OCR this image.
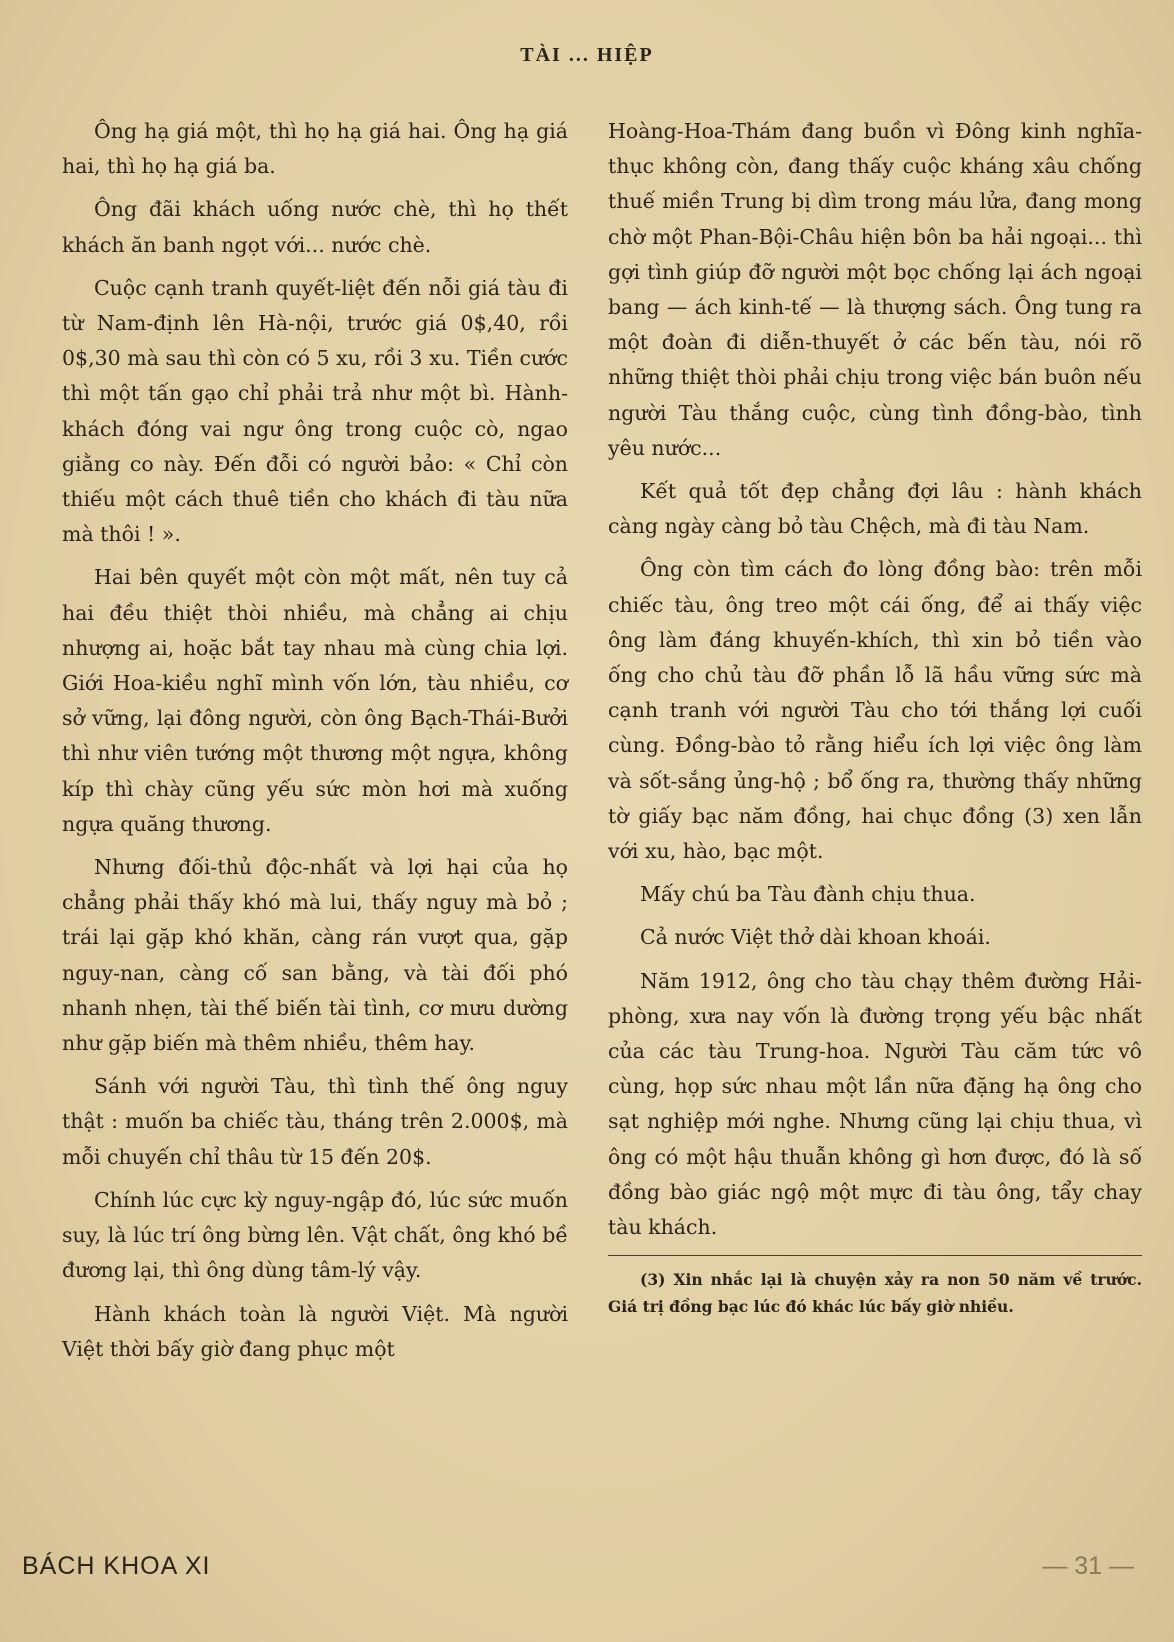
TÀI ... HIỆP

Ông hạ giá một, thì họ hạ giá hai. Ông hạ giá hai, thì họ hạ giá ba.

Ông đãi khách uống nước chè, thì họ thết khách ăn banh ngọt với... nước chè.

Cuộc cạnh tranh quyết-liệt đến nỗi giá tàu đi từ Nam-định lên Hà-nội, trước giá 0$,40, rồi 0$,30 mà sau thì còn có 5 xu, rồi 3 xu. Tiền cước thì một tấn gạo chỉ phải trả như một bì. Hành-khách đóng vai ngư ông trong cuộc cò, ngao giằng co này. Đến đỗi có người bảo: « Chỉ còn thiếu một cách thuê tiền cho khách đi tàu nữa mà thôi ! ».

Hai bên quyết một còn một mất, nên tuy cả hai đều thiệt thòi nhiều, mà chẳng ai chịu nhượng ai, hoặc bắt tay nhau mà cùng chia lợi. Giới Hoa-kiều nghĩ mình vốn lớn, tàu nhiều, cơ sở vững, lại đông người, còn ông Bạch-Thái-Bưởi thì như viên tướng một thương một ngựa, không kíp thì chày cũng yếu sức mòn hơi mà xuống ngựa quăng thương.

Nhưng đối-thủ độc-nhất và lợi hại của họ chẳng phải thấy khó mà lui, thấy nguy mà bỏ ; trái lại gặp khó khăn, càng rán vượt qua, gặp nguy-nan, càng cố san bằng, và tài đối phó nhanh nhẹn, tài thế biến tài tình, cơ mưu dường như gặp biến mà thêm nhiều, thêm hay.

Sánh với người Tàu, thì tình thế ông nguy thật : muốn ba chiếc tàu, tháng trên 2.000$, mà mỗi chuyến chỉ thâu từ 15 đến 20$.

Chính lúc cực kỳ nguy-ngập đó, lúc sức muốn suy, là lúc trí ông bừng lên. Vật chất, ông khó bề đương lại, thì ông dùng tâm-lý vậy.

Hành khách toàn là người Việt. Mà người Việt thời bấy giờ đang phục một

Hoàng-Hoa-Thám đang buồn vì Đông kinh nghĩa-thục không còn, đang thấy cuộc kháng xâu chống thuế miền Trung bị dìm trong máu lửa, đang mong chờ một Phan-Bội-Châu hiện bôn ba hải ngoại... thì gợi tình giúp đỡ người một bọc chống lại ách ngoại bang — ách kinh-tế — là thượng sách. Ông tung ra một đoàn đi diễn-thuyết ở các bến tàu, nói rõ những thiệt thòi phải chịu trong việc bán buôn nếu người Tàu thắng cuộc, cùng tình đồng-bào, tình yêu nước...

Kết quả tốt đẹp chẳng đợi lâu : hành khách càng ngày càng bỏ tàu Chệch, mà đi tàu Nam.

Ông còn tìm cách đo lòng đồng bào: trên mỗi chiếc tàu, ông treo một cái ống, để ai thấy việc ông làm đáng khuyến-khích, thì xin bỏ tiền vào ống cho chủ tàu đỡ phần lỗ lã hầu vững sức mà cạnh tranh với người Tàu cho tới thắng lợi cuối cùng. Đồng-bào tỏ rằng hiểu ích lợi việc ông làm và sốt-sắng ủng-hộ ; bổ ống ra, thường thấy những tờ giấy bạc năm đồng, hai chục đồng (3) xen lẫn với xu, hào, bạc một.

Mấy chú ba Tàu đành chịu thua.

Cả nước Việt thở dài khoan khoái.

Năm 1912, ông cho tàu chạy thêm đường Hải-phòng, xưa nay vốn là đường trọng yếu bậc nhất của các tàu Trung-hoa. Người Tàu căm tức vô cùng, họp sức nhau một lần nữa đặng hạ ông cho sạt nghiệp mới nghe. Nhưng cũng lại chịu thua, vì ông có một hậu thuẫn không gì hơn được, đó là số đồng bào giác ngộ một mực đi tàu ông, tẩy chay tàu khách.

(3) Xin nhắc lại là chuyện xảy ra non 50 năm về trước. Giá trị đồng bạc lúc đó khác lúc bấy giờ nhiều.

BÁCH KHOA XI	— 31 —
